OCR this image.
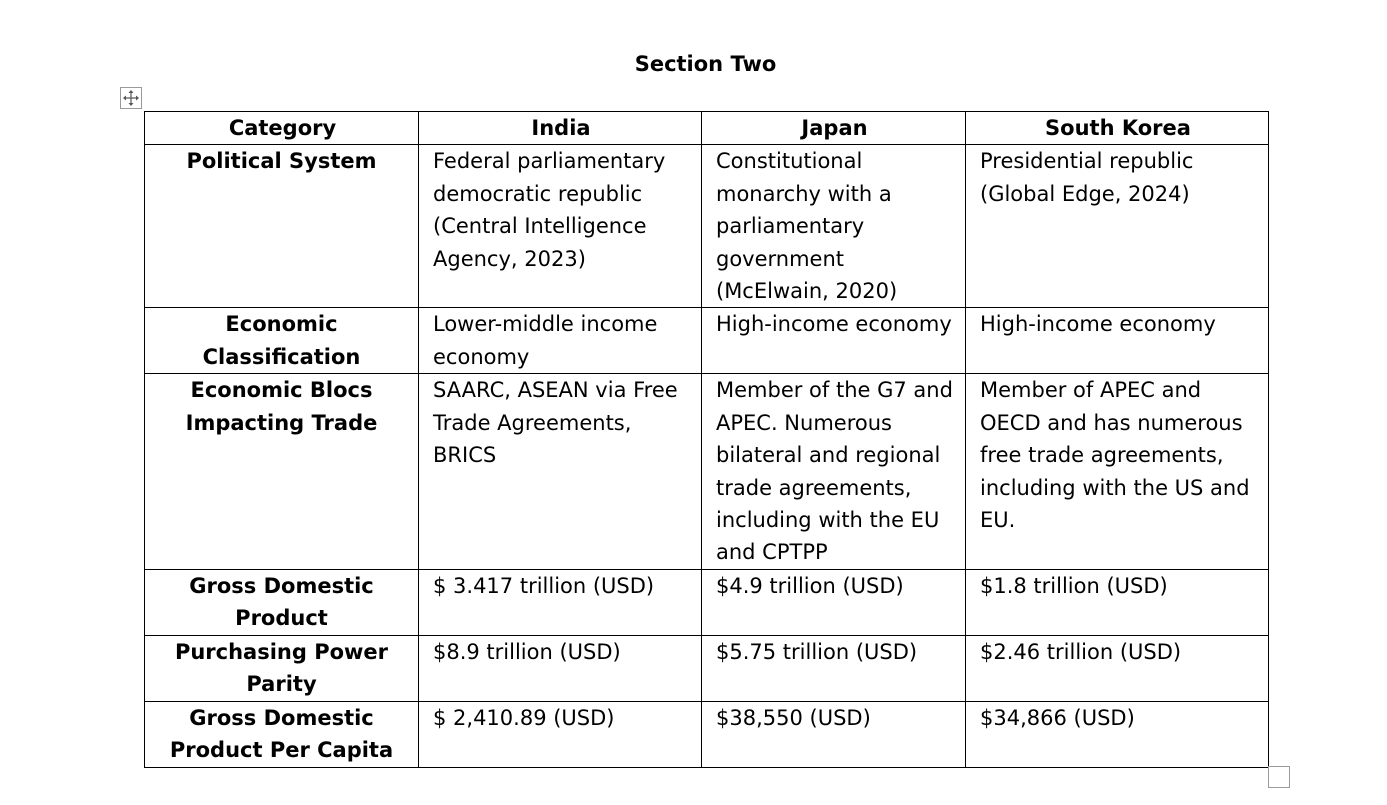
Section Two
Category	India	Japan	South Korea
Political System	Federal parliamentary democratic republic (Central Intelligence Agency, 2023)	Constitutional monarchy with a parliamentary government (McElwain, 2020)	Presidential republic (Global Edge, 2024)
Economic Classification	Lower-middle income economy	High-income economy	High-income economy
Economic Blocs Impacting Trade	SAARC, ASEAN via Free Trade Agreements, BRICS	Member of the G7 and APEC. Numerous bilateral and regional trade agreements, including with the EU and CPTPP	Member of APEC and OECD and has numerous free trade agreements, including with the US and EU.
Gross Domestic Product	$ 3.417 trillion (USD)	$4.9 trillion (USD)	$1.8 trillion (USD)
Purchasing Power Parity	$8.9 trillion (USD)	$5.75 trillion (USD)	$2.46 trillion (USD)
Gross Domestic Product Per Capita	$ 2,410.89 (USD)	$38,550 (USD)	$34,866 (USD)
